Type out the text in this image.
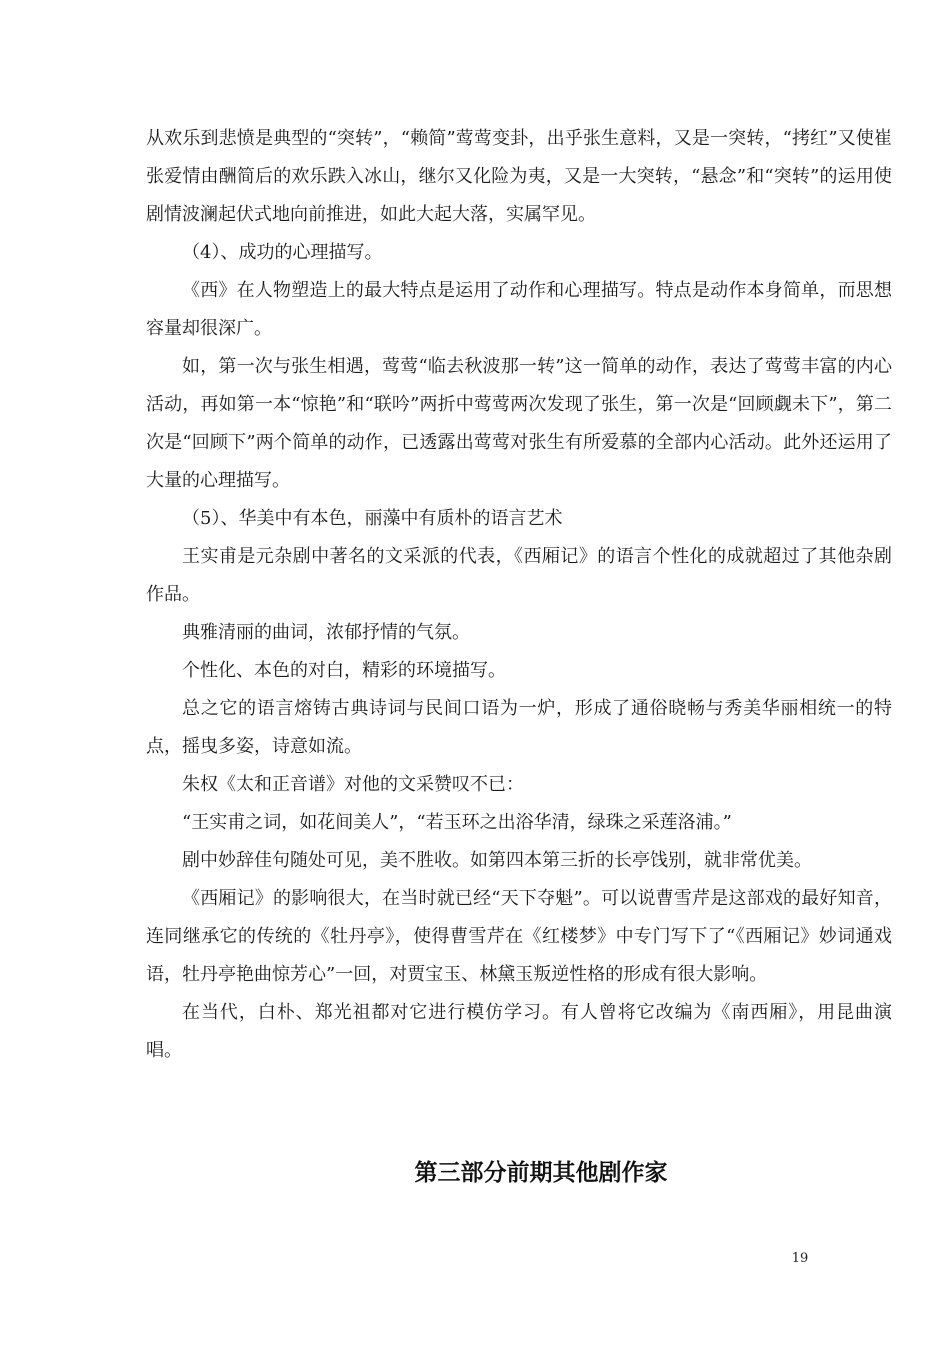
从欢乐到悲愤是典型的“突转”，“赖简”莺莺变卦，出乎张生意料，又是一突转，“拷红”又使崔张爱情由酬简后的欢乐跌入冰山，继尔又化险为夷，又是一大突转，“悬念”和“突转”的运用使剧情波澜起伏式地向前推进，如此大起大落，实属罕见。

（4）、成功的心理描写。

《西》在人物塑造上的最大特点是运用了动作和心理描写。特点是动作本身简单，而思想容量却很深广。

如，第一次与张生相遇，莺莺“临去秋波那一转”这一简单的动作，表达了莺莺丰富的内心活动，再如第一本“惊艳”和“联吟”两折中莺莺两次发现了张生，第一次是“回顾觑未下”，第二次是“回顾下”两个简单的动作，已透露出莺莺对张生有所爱慕的全部内心活动。此外还运用了大量的心理描写。

（5）、华美中有本色，丽藻中有质朴的语言艺术

王实甫是元杂剧中著名的文采派的代表，《西厢记》的语言个性化的成就超过了其他杂剧作品。

典雅清丽的曲词，浓郁抒情的气氛。

个性化、本色的对白，精彩的环境描写。

总之它的语言熔铸古典诗词与民间口语为一炉，形成了通俗晓畅与秀美华丽相统一的特点，摇曳多姿，诗意如流。

朱权《太和正音谱》对他的文采赞叹不已：

“王实甫之词，如花间美人”，“若玉环之出浴华清，绿珠之采莲洛浦。”

剧中妙辞佳句随处可见，美不胜收。如第四本第三折的长亭饯别，就非常优美。

《西厢记》的影响很大，在当时就已经“天下夺魁”。可以说曹雪芹是这部戏的最好知音，连同继承它的传统的《牡丹亭》，使得曹雪芹在《红楼梦》中专门写下了“《西厢记》妙词通戏语，牡丹亭艳曲惊芳心”一回，对贾宝玉、林黛玉叛逆性格的形成有很大影响。

在当代，白朴、郑光祖都对它进行模仿学习。有人曾将它改编为《南西厢》，用昆曲演唱。

第三部分前期其他剧作家
19
